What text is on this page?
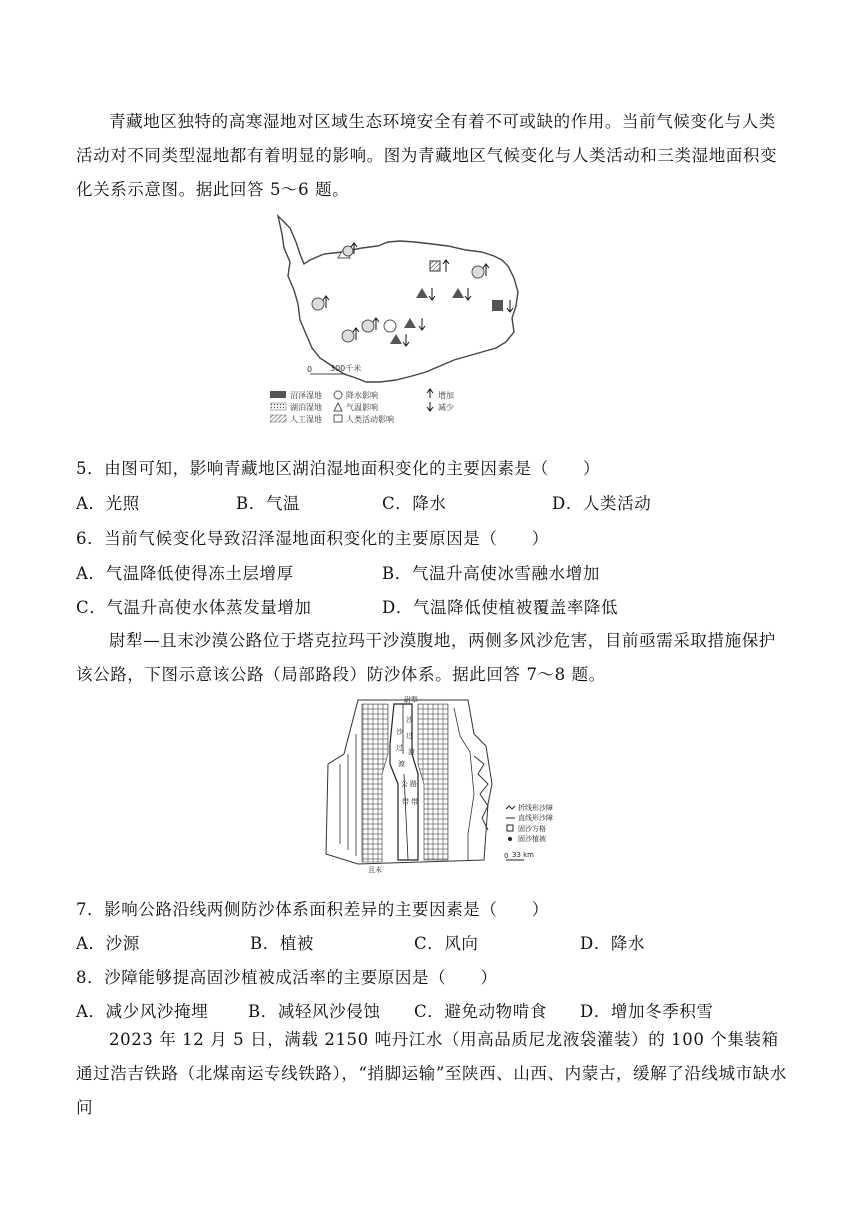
青藏地区独特的高寒湿地对区域生态环境安全有着不可或缺的作用。当前气候变化与人类活动对不同类型湿地都有着明显的影响。图为青藏地区气候变化与人类活动和三类湿地面积变化关系示意图。据此回答 5～6 题。

0 300千米
沼泽湿地
湖泊湿地
人工湿地
降水影响
气温影响
人类活动影响
增加
减少
5．由图可知，影响青藏地区湖泊湿地面积变化的主要因素是（　　）
A．光照	B．气温	C．降水	D．人类活动
6．当前气候变化导致沼泽湿地面积变化的主要原因是（　　）
A．气温降低使得冻土层增厚	B．气温升高使冰雪融水增加
C．气温升高使水体蒸发量增加	D．气温降低使植被覆盖率降低

尉犁—且末沙漠公路位于塔克拉玛干沙漠腹地，两侧多风沙危害，目前亟需采取措施保护该公路，下图示意该公路（局部路段）防沙体系。据此回答 7～8 题。

尉犁
且末
沙
过
渡
公
带
沙
过
渡
路
带
折线形沙障
直线形沙障
固沙方格
固沙植被
0 33 km
7．影响公路沿线两侧防沙体系面积差异的主要因素是（　　）
A．沙源	B．植被	C．风向	D．降水
8．沙障能够提高固沙植被成活率的主要原因是（　　）
A．减少风沙掩埋 B．减轻风沙侵蚀 C．避免动物啃食 D．增加冬季积雪

2023 年 12 月 5 日，满载 2150 吨丹江水（用高品质尼龙液袋灌装）的 100 个集装箱通过浩吉铁路（北煤南运专线铁路），“捎脚运输”至陕西、山西、内蒙古，缓解了沿线城市缺水问
